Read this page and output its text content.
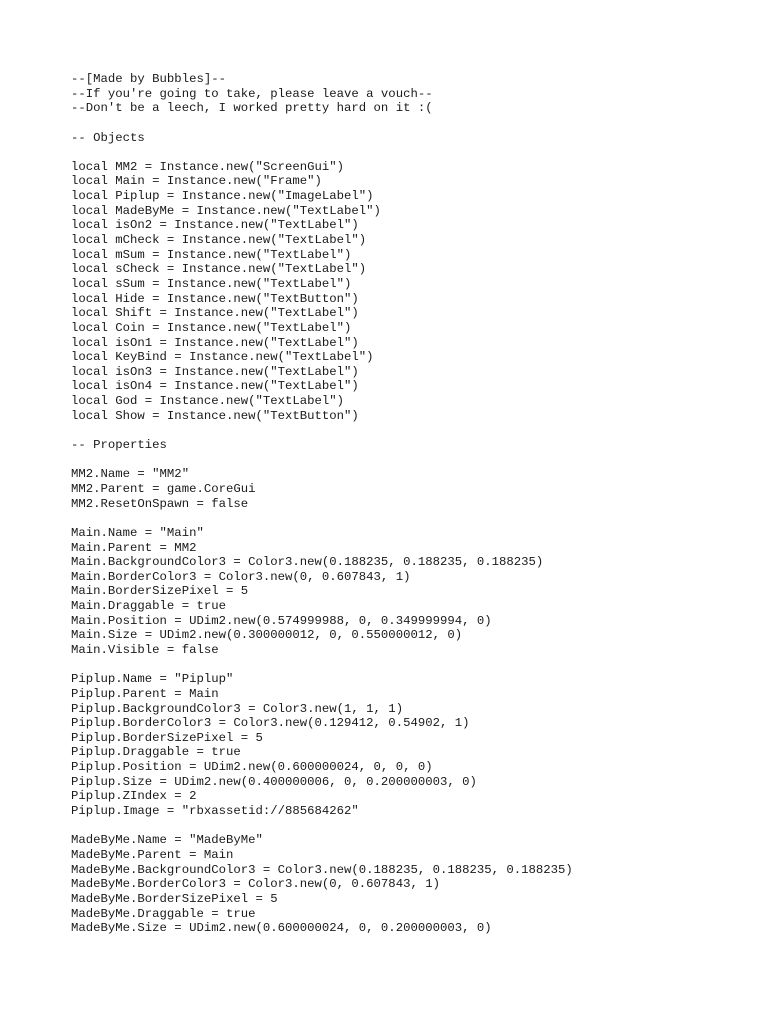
--[Made by Bubbles]--
--If you're going to take, please leave a vouch--
--Don't be a leech, I worked pretty hard on it :(
-- Objects
local MM2 = Instance.new("ScreenGui")
local Main = Instance.new("Frame")
local Piplup = Instance.new("ImageLabel")
local MadeByMe = Instance.new("TextLabel")
local isOn2 = Instance.new("TextLabel")
local mCheck = Instance.new("TextLabel")
local mSum = Instance.new("TextLabel")
local sCheck = Instance.new("TextLabel")
local sSum = Instance.new("TextLabel")
local Hide = Instance.new("TextButton")
local Shift = Instance.new("TextLabel")
local Coin = Instance.new("TextLabel")
local isOn1 = Instance.new("TextLabel")
local KeyBind = Instance.new("TextLabel")
local isOn3 = Instance.new("TextLabel")
local isOn4 = Instance.new("TextLabel")
local God = Instance.new("TextLabel")
local Show = Instance.new("TextButton")
-- Properties
MM2.Name = "MM2"
MM2.Parent = game.CoreGui
MM2.ResetOnSpawn = false
Main.Name = "Main"
Main.Parent = MM2
Main.BackgroundColor3 = Color3.new(0.188235, 0.188235, 0.188235)
Main.BorderColor3 = Color3.new(0, 0.607843, 1)
Main.BorderSizePixel = 5
Main.Draggable = true
Main.Position = UDim2.new(0.574999988, 0, 0.349999994, 0)
Main.Size = UDim2.new(0.300000012, 0, 0.550000012, 0)
Main.Visible = false
Piplup.Name = "Piplup"
Piplup.Parent = Main
Piplup.BackgroundColor3 = Color3.new(1, 1, 1)
Piplup.BorderColor3 = Color3.new(0.129412, 0.54902, 1)
Piplup.BorderSizePixel = 5
Piplup.Draggable = true
Piplup.Position = UDim2.new(0.600000024, 0, 0, 0)
Piplup.Size = UDim2.new(0.400000006, 0, 0.200000003, 0)
Piplup.ZIndex = 2
Piplup.Image = "rbxassetid://885684262"
MadeByMe.Name = "MadeByMe"
MadeByMe.Parent = Main
MadeByMe.BackgroundColor3 = Color3.new(0.188235, 0.188235, 0.188235)
MadeByMe.BorderColor3 = Color3.new(0, 0.607843, 1)
MadeByMe.BorderSizePixel = 5
MadeByMe.Draggable = true
MadeByMe.Size = UDim2.new(0.600000024, 0, 0.200000003, 0)
